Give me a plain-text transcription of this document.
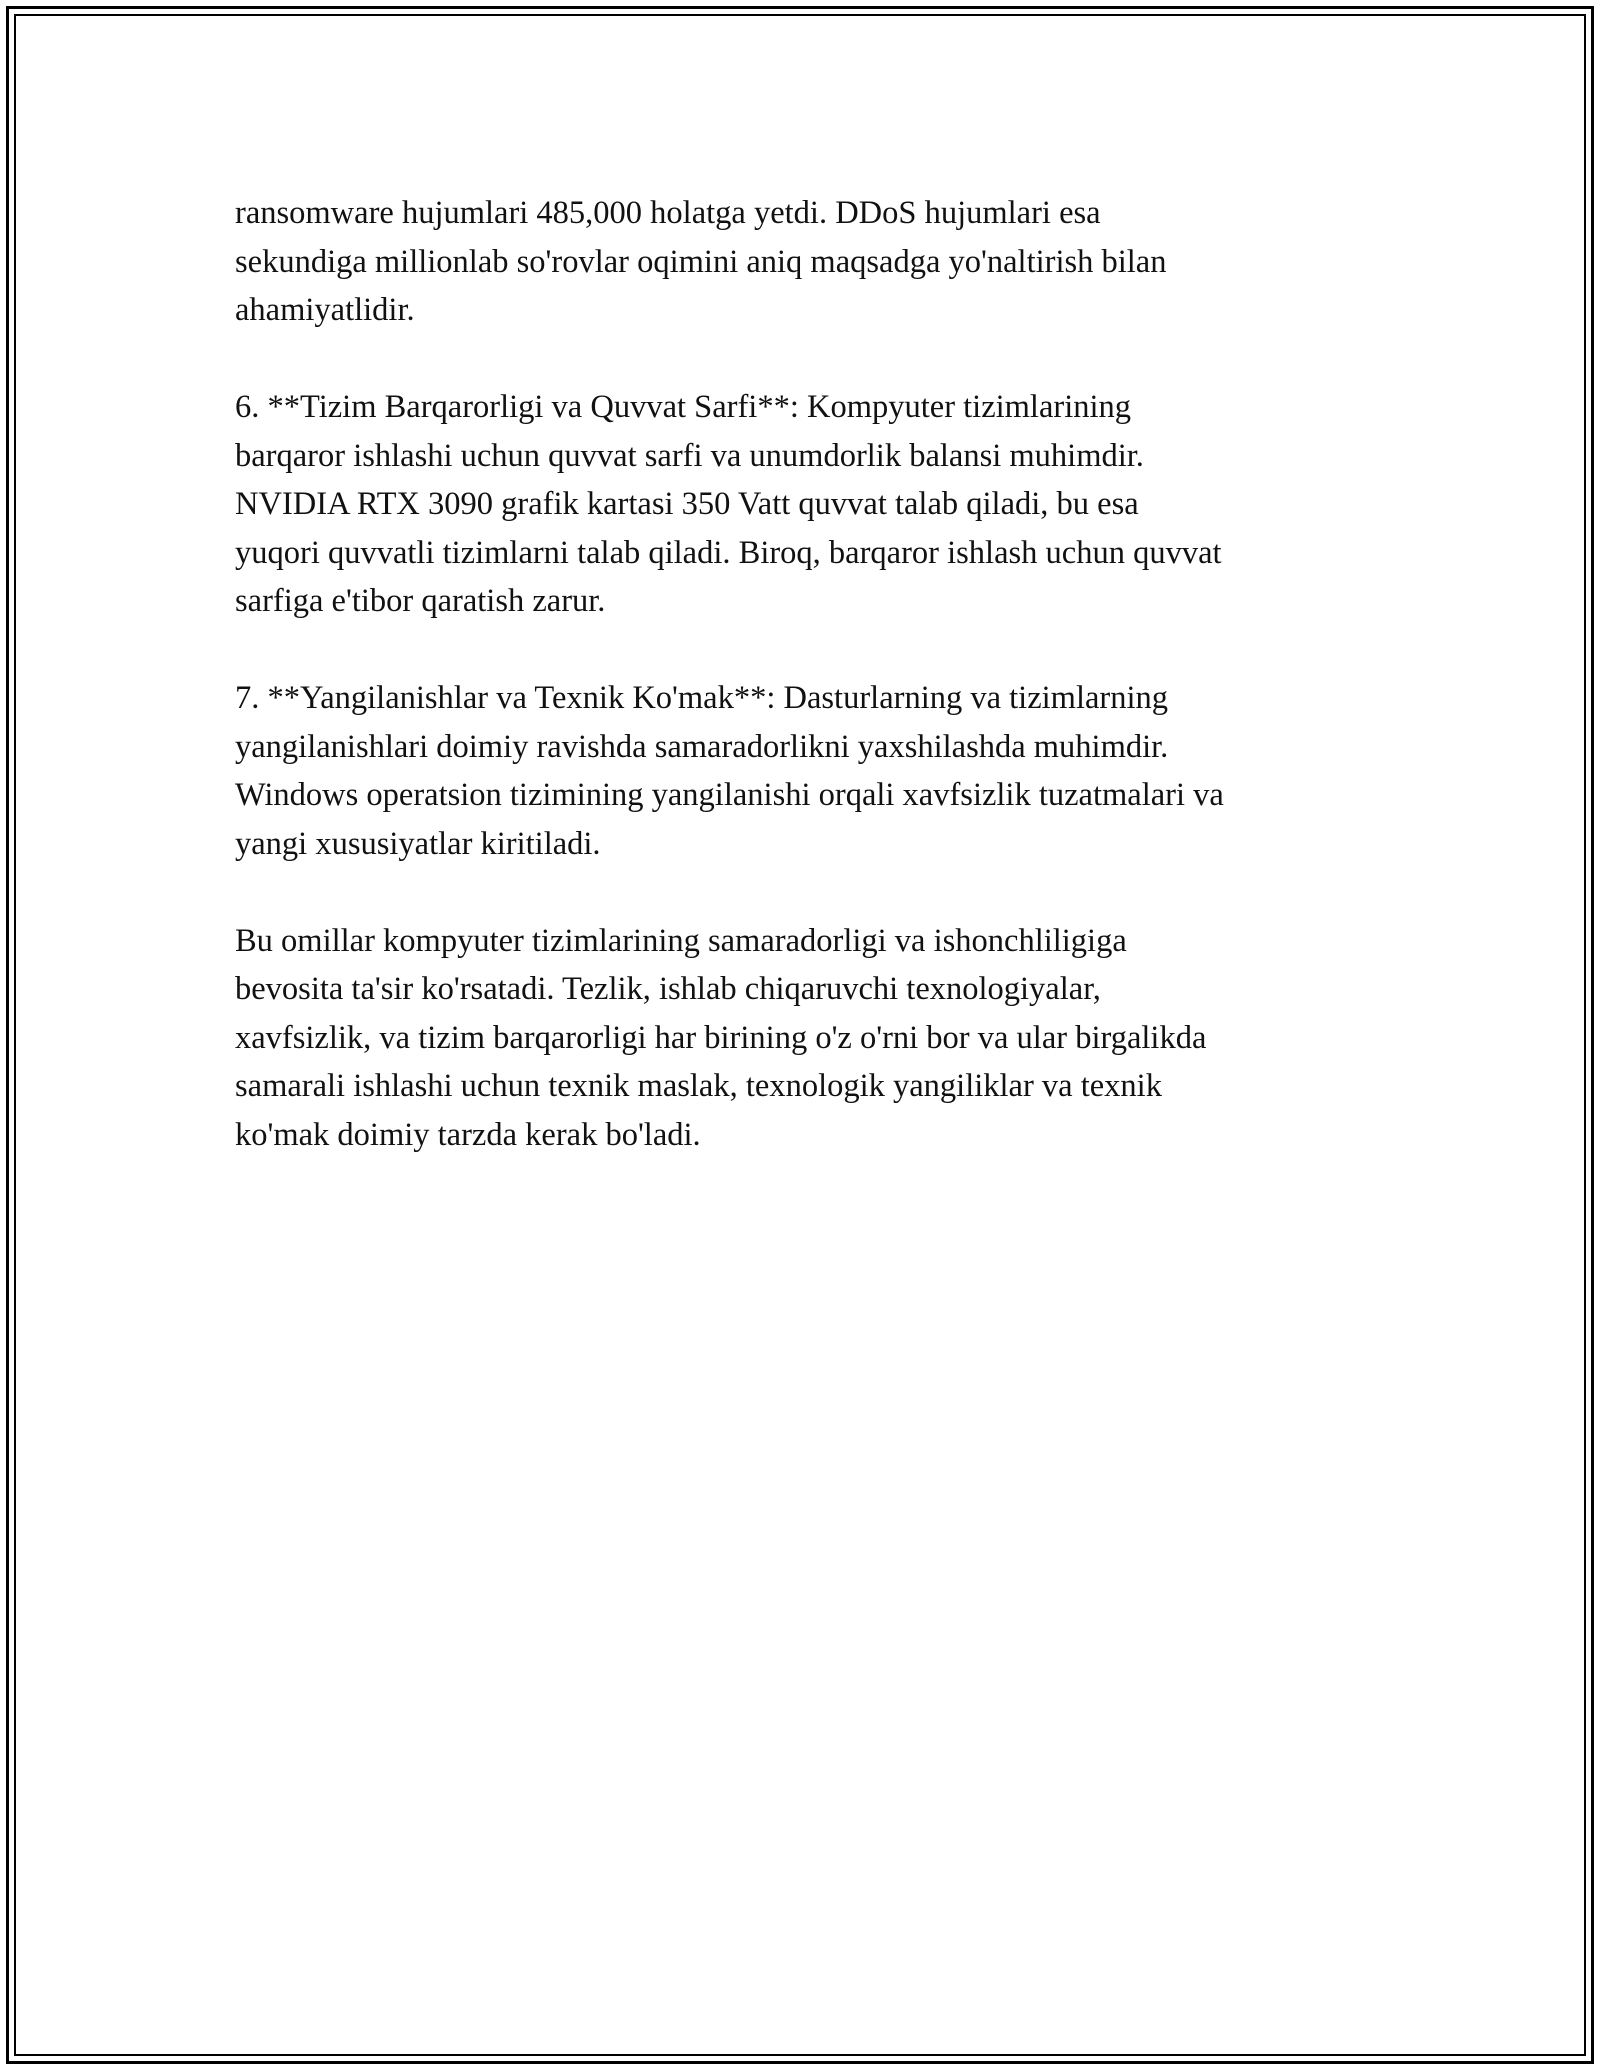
ransomware hujumlari 485,000 holatga yetdi. DDoS hujumlari esa
sekundiga millionlab so'rovlar oqimini aniq maqsadga yo'naltirish bilan
ahamiyatlidir.

6. **Tizim Barqarorligi va Quvvat Sarfi**: Kompyuter tizimlarining
barqaror ishlashi uchun quvvat sarfi va unumdorlik balansi muhimdir.
NVIDIA RTX 3090 grafik kartasi 350 Vatt quvvat talab qiladi, bu esa
yuqori quvvatli tizimlarni talab qiladi. Biroq, barqaror ishlash uchun quvvat
sarfiga e'tibor qaratish zarur.

7. **Yangilanishlar va Texnik Ko'mak**: Dasturlarning va tizimlarning
yangilanishlari doimiy ravishda samaradorlikni yaxshilashda muhimdir.
Windows operatsion tizimining yangilanishi orqali xavfsizlik tuzatmalari va
yangi xususiyatlar kiritiladi.

Bu omillar kompyuter tizimlarining samaradorligi va ishonchliligiga
bevosita ta'sir ko'rsatadi. Tezlik, ishlab chiqaruvchi texnologiyalar,
xavfsizlik, va tizim barqarorligi har birining o'z o'rni bor va ular birgalikda
samarali ishlashi uchun texnik maslak, texnologik yangiliklar va texnik
ko'mak doimiy tarzda kerak bo'ladi.
